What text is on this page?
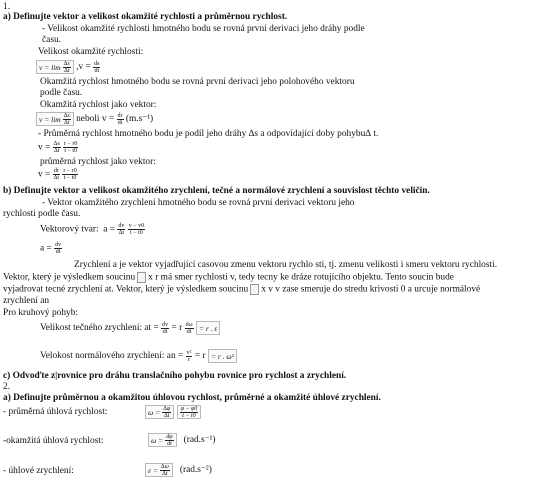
1.
a) Definujte vektor a velikost okamžité rychlosti a průměrnou rychlost.
- Velikost okamžité rychlosti hmotného bodu se rovná první derivaci jeho dráhy podle
času.
Velikost okamžité rychlosti:
$v = \lim \frac{\Delta s}{\Delta t} ,v = \frac{ds}{dt}$
Okamžitá rychlost hmotného bodu se rovná první derivaci jeho polohového vektoru
podle času.
Okamžitá rychlost jako vektor:
$v = \lim \frac{\Delta s}{\Delta t}$ neboli $v = \frac{dr}{dt} (m.s^{-1})$
- Průměrná rychlost hmotného bodu je podíl jeho dráhy ∆s a odpovídající doby pohybu∆ t.
$v = \frac{\Delta s}{\Delta t}$
$\frac{r - r0}{t - t0}$
průměrná rychlost jako vektor:
$v = \frac{dr}{\Delta t}$
$\frac{r - r0}{t - t0}$
b) Definujte vektor a velikost okamžitého zrychlení, tečné a normálové zrychlení a souvislost těchto veličin.
- Vektor okamžitého zrychlení hmotného bodu se rovná první derivaci vektoru jeho
rychlosti podle času.
Vektorový tvar: $a = \frac{dv}{\Delta t}$
$\frac{v - v0}{t - t0}$
$a = \frac{dv}{dt}$
Zrychlení a je vektor vyjadřující casovou zmenu vektoru rychlo sti, tj. zmenu velikosti i smeru vektoru rychlosti.
Vektor, který je výsledkem soucinu x r má smer rychlosti v, tedy tecny ke dráze rotujícího objektu. Tento soucin bude
vyjadrovat tecné zrychlení at. Vektor, který je výsledkem soucinu x v v zase smeruje do stredu krivosti 0 a urcuje normálové
zrychlení an
Pro kruhový pohyb:
Velikost tečného zrychlení: at = $\frac{dv}{dt} = r \frac{d\omega}{dt}$
= r . ε
Velokost normálového zrychlení: an = $\frac{\text{v²}}{r} = r = r$ . ω²
c) Odvoďte z|rovnice pro dráhu translačního pohybu rovnice pro rychlost a zrychlení.
2.
a) Definujte průměrnou a okamžitou úhlovou rychlost, průměrné a okamžité úhlové zrychlení.
- průměrná úhlová rychlost:	$\omega = \frac{\Delta\varphi}{\Delta t}$
$\frac{\varphi - \varphi 0}{t - t0}$
-okamžitá úhlová rychlost:	$\omega = \frac{d\varphi}{dt} (rad.s^{-1})$
- úhlové zrychlení:	$\varepsilon = \frac{\Delta\omega}{\Delta t} (rad.s^{-2})$
